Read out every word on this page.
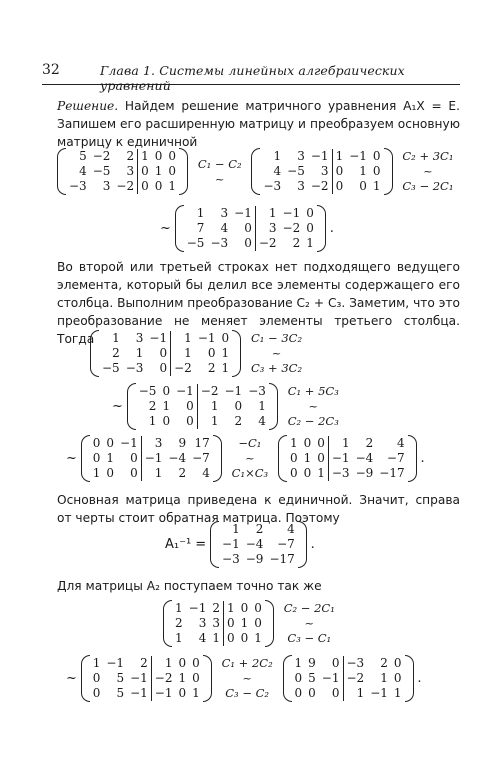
32	Глава 1. Системы линейных алгебраических уравнений
Решение. Найдем решение матричного уравнения A₁X = E. Запишем его расширенную матрицу и преобразуем основную матрицу к единичной
5	−2	2	1	0	0
4	−5	3	0	1	0
−3	3	−2	0	0	1

C₁ − C₂
~

1	3	−1	1	−1	0
4	−5	3	0	1	0
−3	3	−2	0	0	1

C₂ + 3C₁
~
C₃ − 2C₁
~
1	3	−1	1	−1	0
7	4	0	3	−2	0
−5	−3	0	−2	2	1
.
Во второй или третьей строках нет подходящего ведущего элемента, который бы делил все элементы содержащего его столбца. Выполним преобразование C₂ + C₃. Заметим, что это преобразование не меняет элементы третьего столбца. Тогда	1	3	−1	1	−1	0
2	1	0	1	0	1
−5	−3	0	−2	2	1

C₁ − 3C₂
~
C₃ + 3C₂
~
−5	0	−1	−2	−1	−3
2	1	0	1	0	1
1	0	0	1	2	4

C₁ + 5C₃
~
C₂ − 2C₃
~
0	0	−1	3	9	17
0	1	0	−1	−4	−7
1	0	0	1	2	4

−C₁
~
C₁⨯C₃

1	0	0	1	2	4
0	1	0	−1	−4	−7
0	0	1	−3	−9	−17
.
Основная матрица приведена к единичной. Значит, справа от черты стоит обратная матрица. Поэтому
A₁⁻¹ =
1	2	4
−1	−4	−7
−3	−9	−17
.
Для матрицы A₂ поступаем точно так же
1	−1	2	1	0	0
2	3	3	0	1	0
1	4	1	0	0	1

C₂ − 2C₁
~
C₃ − C₁
~
1	−1	2	1	0	0
0	5	−1	−2	1	0
0	5	−1	−1	0	1

C₁ + 2C₂
~
C₃ − C₂

1	9	0	−3	2	0
0	5	−1	−2	1	0
0	0	0	1	−1	1
.
